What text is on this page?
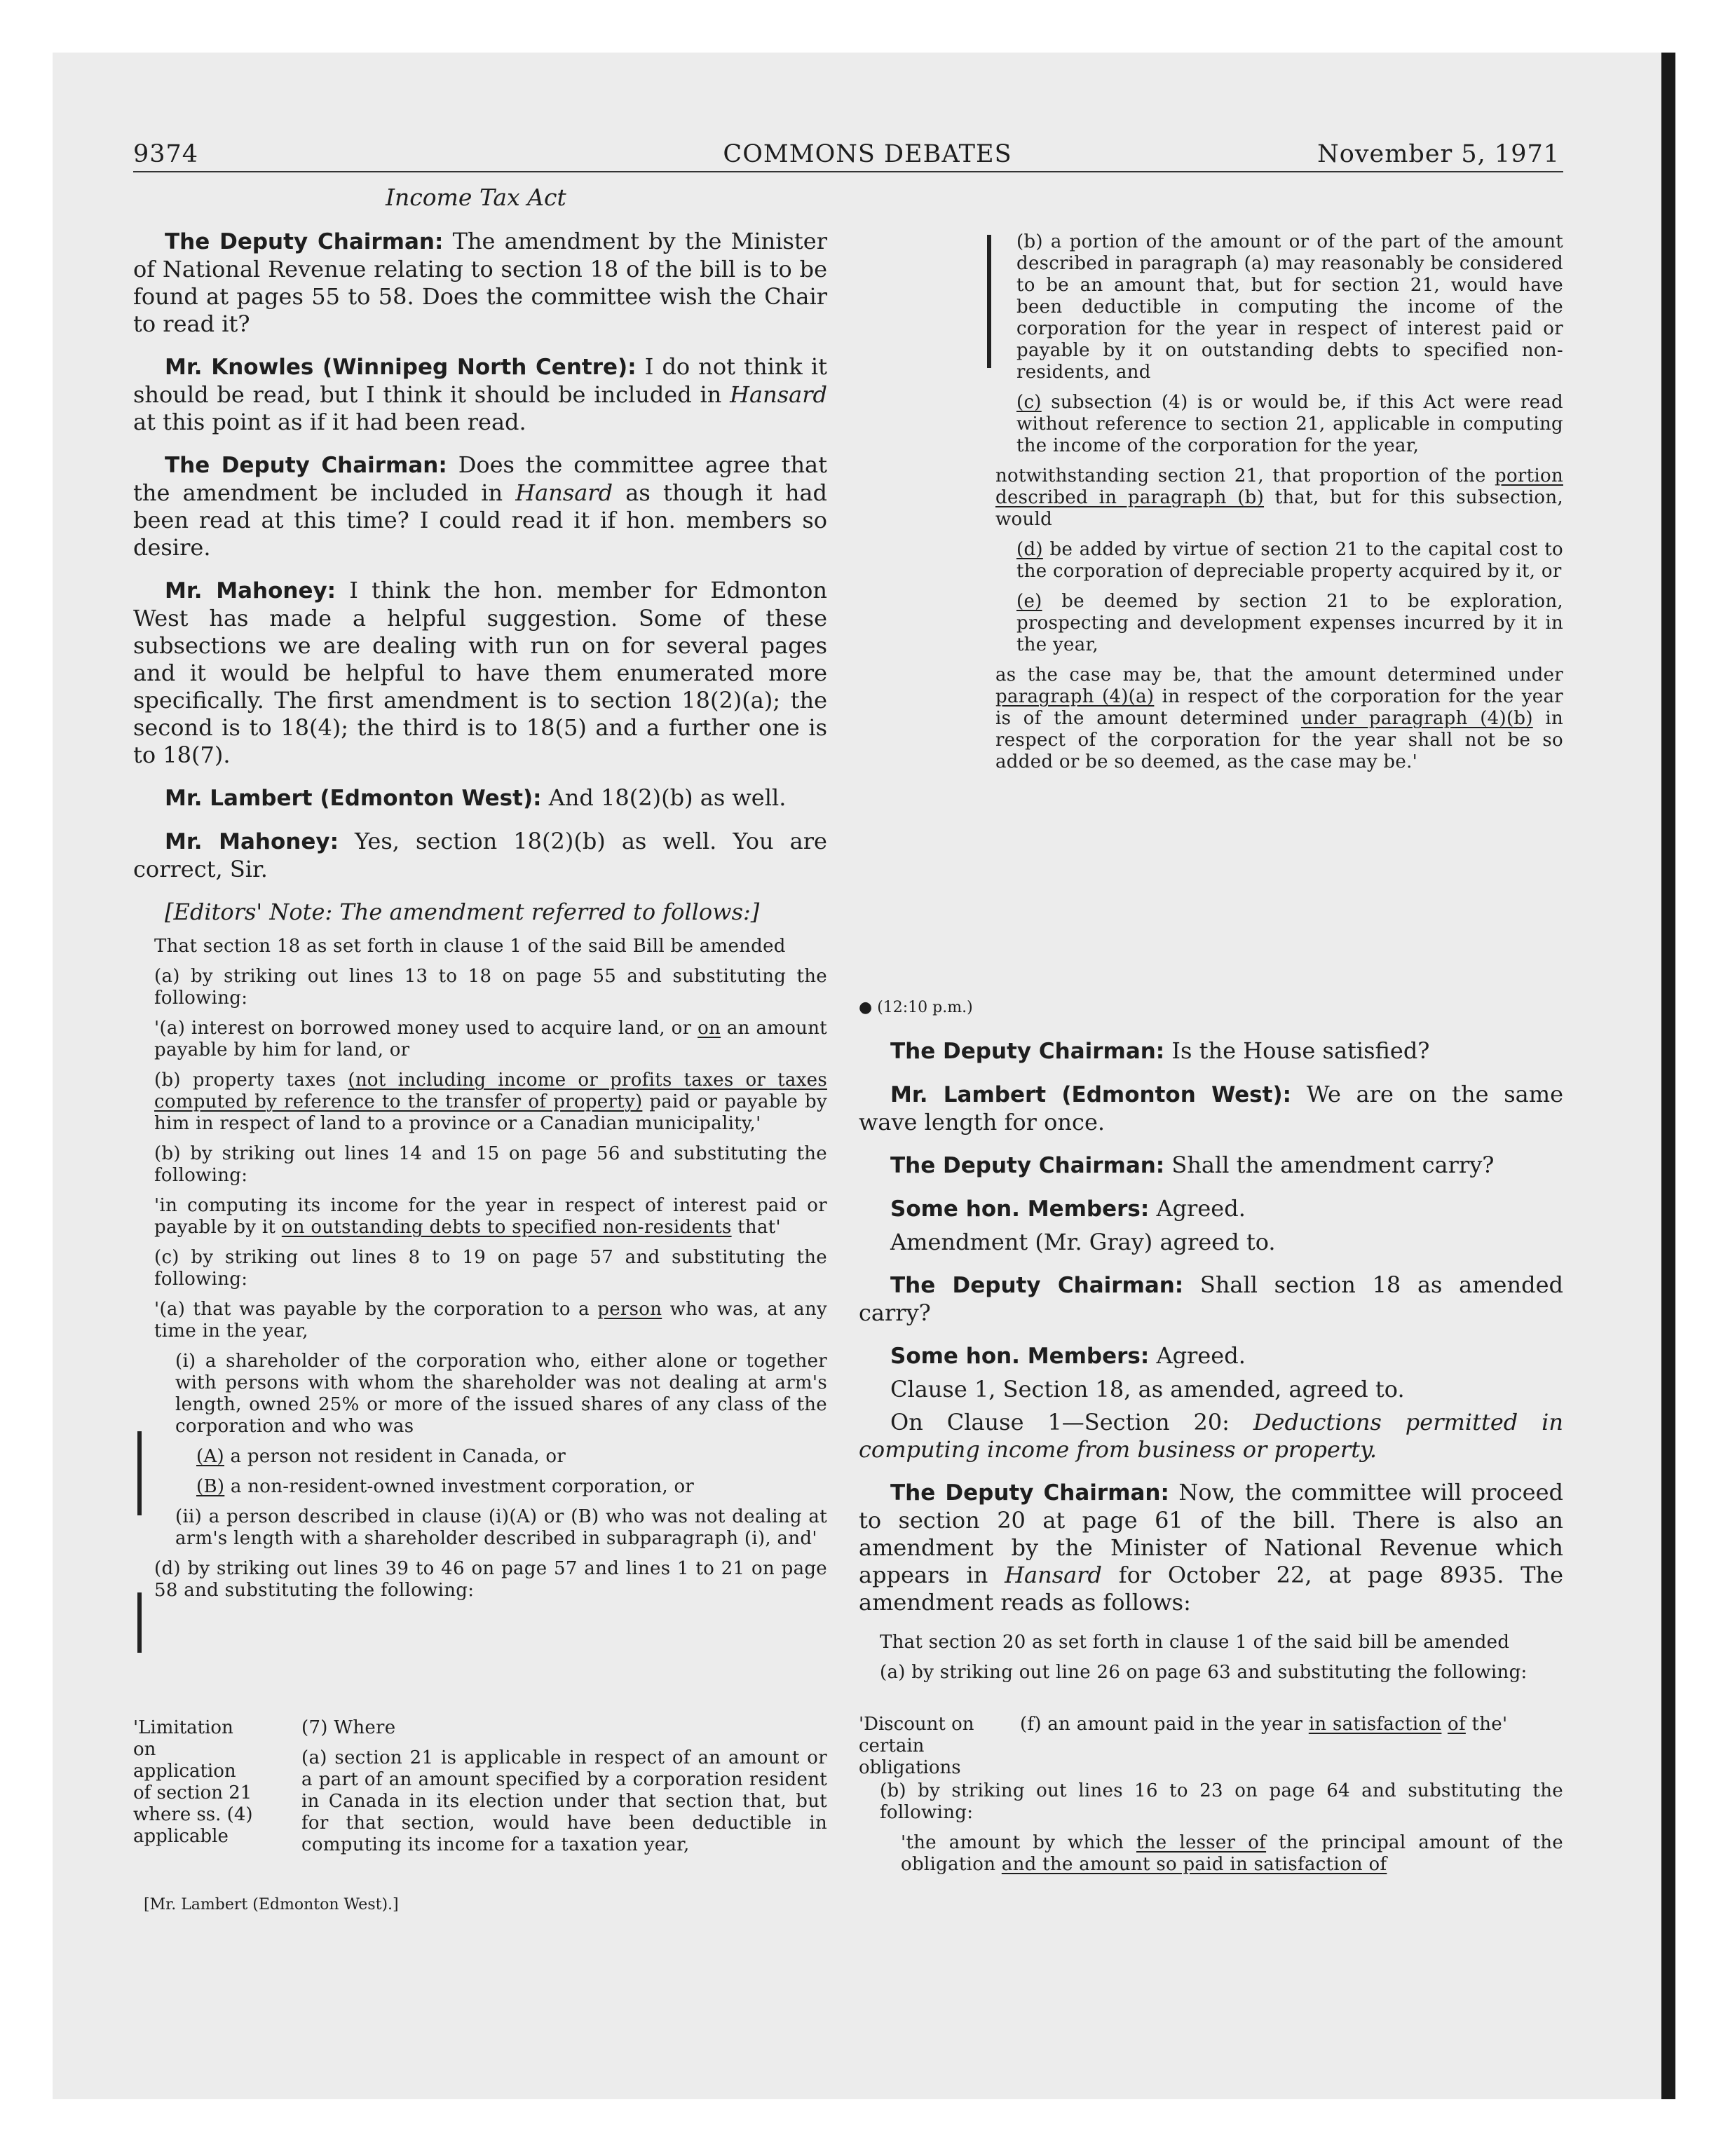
9374	COMMONS DEBATES	November 5, 1971
Income Tax Act

The Deputy Chairman: The amendment by the Minister of National Revenue relating to section 18 of the bill is to be found at pages 55 to 58. Does the committee wish the Chair to read it?

Mr. Knowles (Winnipeg North Centre): I do not think it should be read, but I think it should be included in Hansard at this point as if it had been read.

The Deputy Chairman: Does the committee agree that the amendment be included in Hansard as though it had been read at this time? I could read it if hon. members so desire.

Mr. Mahoney: I think the hon. member for Edmonton West has made a helpful suggestion. Some of these subsections we are dealing with run on for several pages and it would be helpful to have them enumerated more specifically. The first amendment is to section 18(2)(a); the second is to 18(4); the third is to 18(5) and a further one is to 18(7).

Mr. Lambert (Edmonton West): And 18(2)(b) as well.

Mr. Mahoney: Yes, section 18(2)(b) as well. You are correct, Sir.

[Editors' Note: The amendment referred to follows:]

That section 18 as set forth in clause 1 of the said Bill be amended

(a) by striking out lines 13 to 18 on page 55 and substituting the following:

'(a) interest on borrowed money used to acquire land, or on an amount payable by him for land, or

(b) property taxes (not including income or profits taxes or taxes computed by reference to the transfer of property) paid or payable by him in respect of land to a province or a Canadian municipality,'

(b) by striking out lines 14 and 15 on page 56 and substituting the following:

'in computing its income for the year in respect of interest paid or payable by it on outstanding debts to specified non-residents that'

(c) by striking out lines 8 to 19 on page 57 and substituting the following:

'(a) that was payable by the corporation to a person who was, at any time in the year,

(i) a shareholder of the corporation who, either alone or together with persons with whom the shareholder was not dealing at arm's length, owned 25% or more of the issued shares of any class of the corporation and who was

(A) a person not resident in Canada, or

(B) a non-resident-owned investment corporation, or

(ii) a person described in clause (i)(A) or (B) who was not dealing at arm's length with a shareholder described in subparagraph (i), and'

(d) by striking out lines 39 to 46 on page 57 and lines 1 to 21 on page 58 and substituting the following:

'Limitation on application of section 21 where ss. (4) applicable

(7) Where

(a) section 21 is applicable in respect of an amount or a part of an amount specified by a corporation resident in Canada in its election under that section that, but for that section, would have been deductible in computing its income for a taxation year,

[Mr. Lambert (Edmonton West).]

(b) a portion of the amount or of the part of the amount described in paragraph (a) may reasonably be considered to be an amount that, but for section 21, would have been deductible in computing the income of the corporation for the year in respect of interest paid or payable by it on outstanding debts to specified non-residents, and

(c) subsection (4) is or would be, if this Act were read without reference to section 21, applicable in computing the income of the corporation for the year,

notwithstanding section 21, that proportion of the portion described in paragraph (b) that, but for this subsection, would

(d) be added by virtue of section 21 to the capital cost to the corporation of depreciable property acquired by it, or

(e) be deemed by section 21 to be exploration, prospecting and development expenses incurred by it in the year,

as the case may be, that the amount determined under paragraph (4)(a) in respect of the corporation for the year is of the amount determined under paragraph (4)(b) in respect of the corporation for the year shall not be so added or be so deemed, as the case may be.'

● (12:10 p.m.)

The Deputy Chairman: Is the House satisfied?

Mr. Lambert (Edmonton West): We are on the same wave length for once.

The Deputy Chairman: Shall the amendment carry?

Some hon. Members: Agreed.

Amendment (Mr. Gray) agreed to.

The Deputy Chairman: Shall section 18 as amended carry?

Some hon. Members: Agreed.

Clause 1, Section 18, as amended, agreed to.

On Clause 1—Section 20: Deductions permitted in computing income from business or property.

The Deputy Chairman: Now, the committee will proceed to section 20 at page 61 of the bill. There is also an amendment by the Minister of National Revenue which appears in Hansard for October 22, at page 8935. The amendment reads as follows:

That section 20 as set forth in clause 1 of the said bill be amended

(a) by striking out line 26 on page 63 and substituting the following:

'Discount on certain obligations

(f) an amount paid in the year in satisfaction of the'

(b) by striking out lines 16 to 23 on page 64 and substituting the following:

'the amount by which the lesser of the principal amount of the obligation and the amount so paid in satisfaction of
